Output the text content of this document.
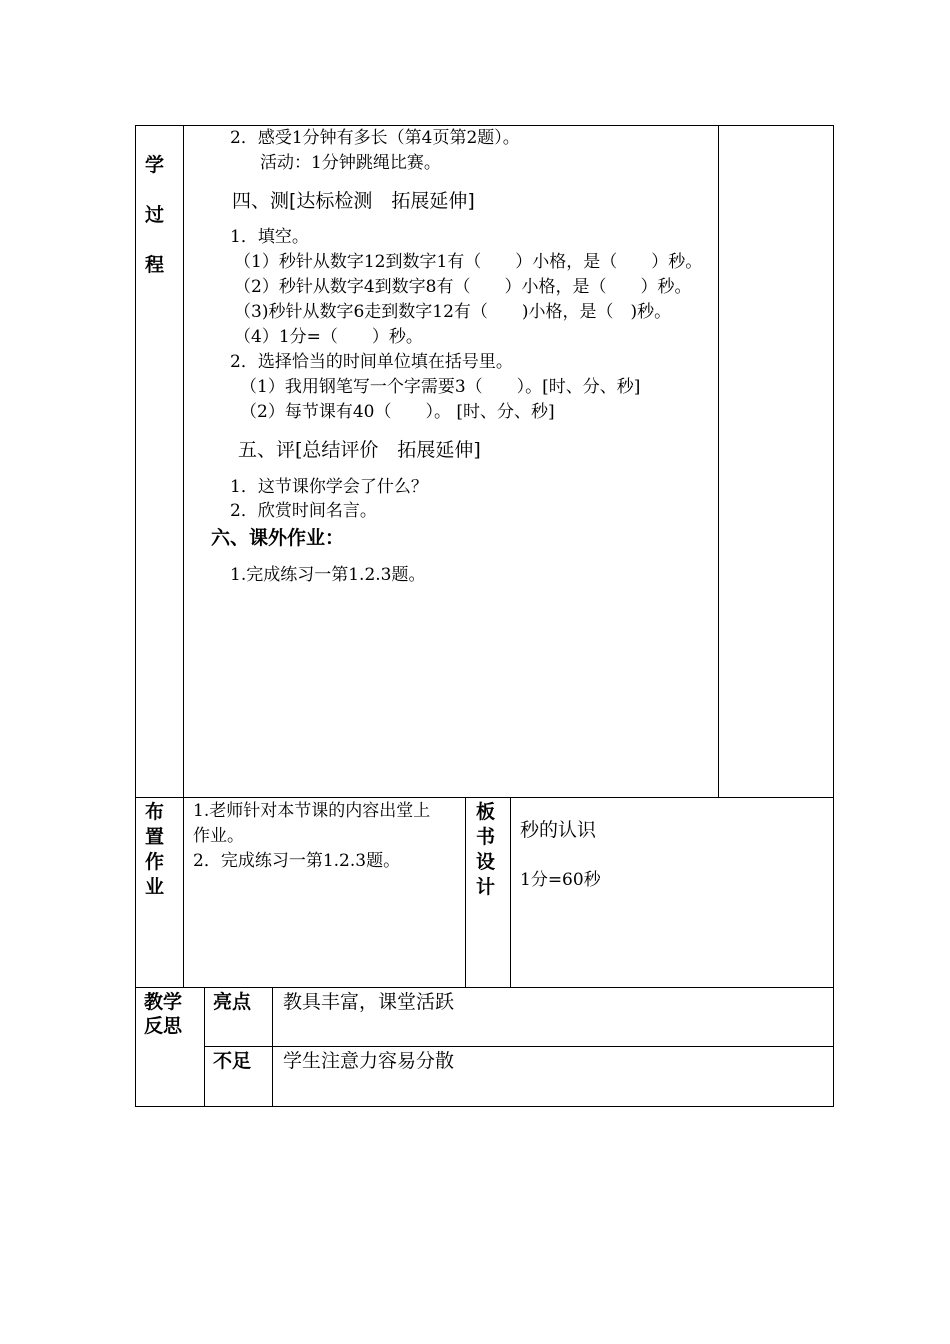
学
过
程
2．感受1分钟有多长（第4页第2题）。
活动：1分钟跳绳比赛。
四、测[达标检测　拓展延伸]
1．填空。
（1）秒针从数字12到数字1有（　　）小格，是（　　）秒。
（2）秒针从数字4到数字8有（　　）小格，是（　　）秒。
（3)秒针从数字6走到数字12有（　　)小格，是（　)秒。
（4）1分=（　　）秒。
2．选择恰当的时间单位填在括号里。
（1）我用钢笔写一个字需要3（　　）。[时、分、秒]
（2）每节课有40（　　）。 [时、分、秒]
五、评[总结评价　拓展延伸]
1．这节课你学会了什么？
2．欣赏时间名言。
六、课外作业：
1.完成练习一第1.2.3题。
布
置
作
业
1.老师针对本节课的内容出堂上
作业。
2．完成练习一第1.2.3题。
板
书
设
计
秒的认识
1分=60秒
教学
反思
亮点 教具丰富，课堂活跃
不足 学生注意力容易分散
